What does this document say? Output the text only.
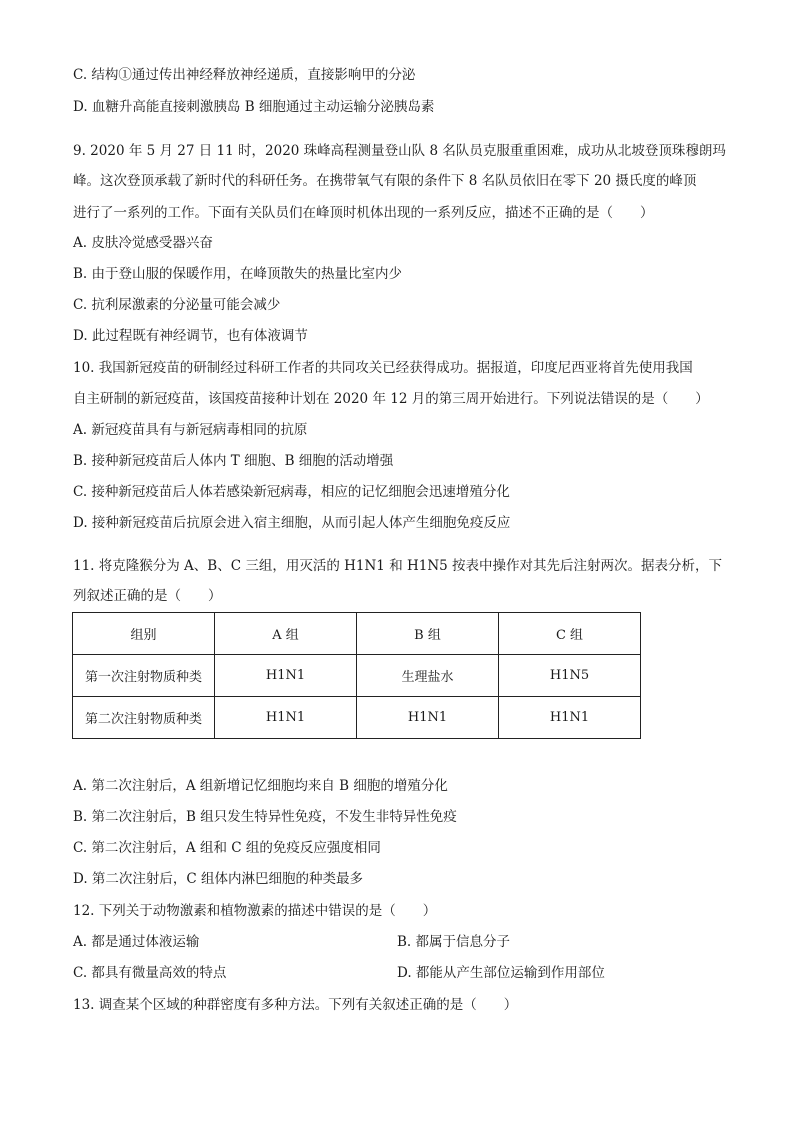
C. 结构①通过传出神经释放神经递质，直接影响甲的分泌
D. 血糖升高能直接刺激胰岛 B 细胞通过主动运输分泌胰岛素
9. 2020 年 5 月 27 日 11 时，2020 珠峰高程测量登山队 8 名队员克服重重困难，成功从北坡登顶珠穆朗玛
峰。这次登顶承载了新时代的科研任务。在携带氧气有限的条件下 8 名队员依旧在零下 20 摄氏度的峰顶
进行了一系列的工作。下面有关队员们在峰顶时机体出现的一系列反应，描述不正确的是（　　）
A. 皮肤冷觉感受器兴奋
B. 由于登山服的保暖作用，在峰顶散失的热量比室内少
C. 抗利尿激素的分泌量可能会减少
D. 此过程既有神经调节，也有体液调节
10. 我国新冠疫苗的研制经过科研工作者的共同攻关已经获得成功。据报道，印度尼西亚将首先使用我国
自主研制的新冠疫苗，该国疫苗接种计划在 2020 年 12 月的第三周开始进行。下列说法错误的是（　　）
A. 新冠疫苗具有与新冠病毒相同的抗原
B. 接种新冠疫苗后人体内 T 细胞、B 细胞的活动增强
C. 接种新冠疫苗后人体若感染新冠病毒，相应的记忆细胞会迅速增殖分化
D. 接种新冠疫苗后抗原会进入宿主细胞，从而引起人体产生细胞免疫反应
11. 将克隆猴分为 A、B、C 三组，用灭活的 H1N1 和 H1N5 按表中操作对其先后注射两次。据表分析，下
列叙述正确的是（　　）
组别	A 组	B 组	C 组
第一次注射物质种类	H1N1	生理盐水	H1N5
第二次注射物质种类	H1N1	H1N1	H1N1
A. 第二次注射后，A 组新增记忆细胞均来自 B 细胞的增殖分化
B. 第二次注射后，B 组只发生特异性免疫，不发生非特异性免疫
C. 第二次注射后，A 组和 C 组的免疫反应强度相同
D. 第二次注射后，C 组体内淋巴细胞的种类最多
12. 下列关于动物激素和植物激素的描述中错误的是（　　）
A. 都是通过体液运输	B. 都属于信息分子
C. 都具有微量高效的特点	D. 都能从产生部位运输到作用部位
13. 调查某个区域的种群密度有多种方法。下列有关叙述正确的是（　　）
